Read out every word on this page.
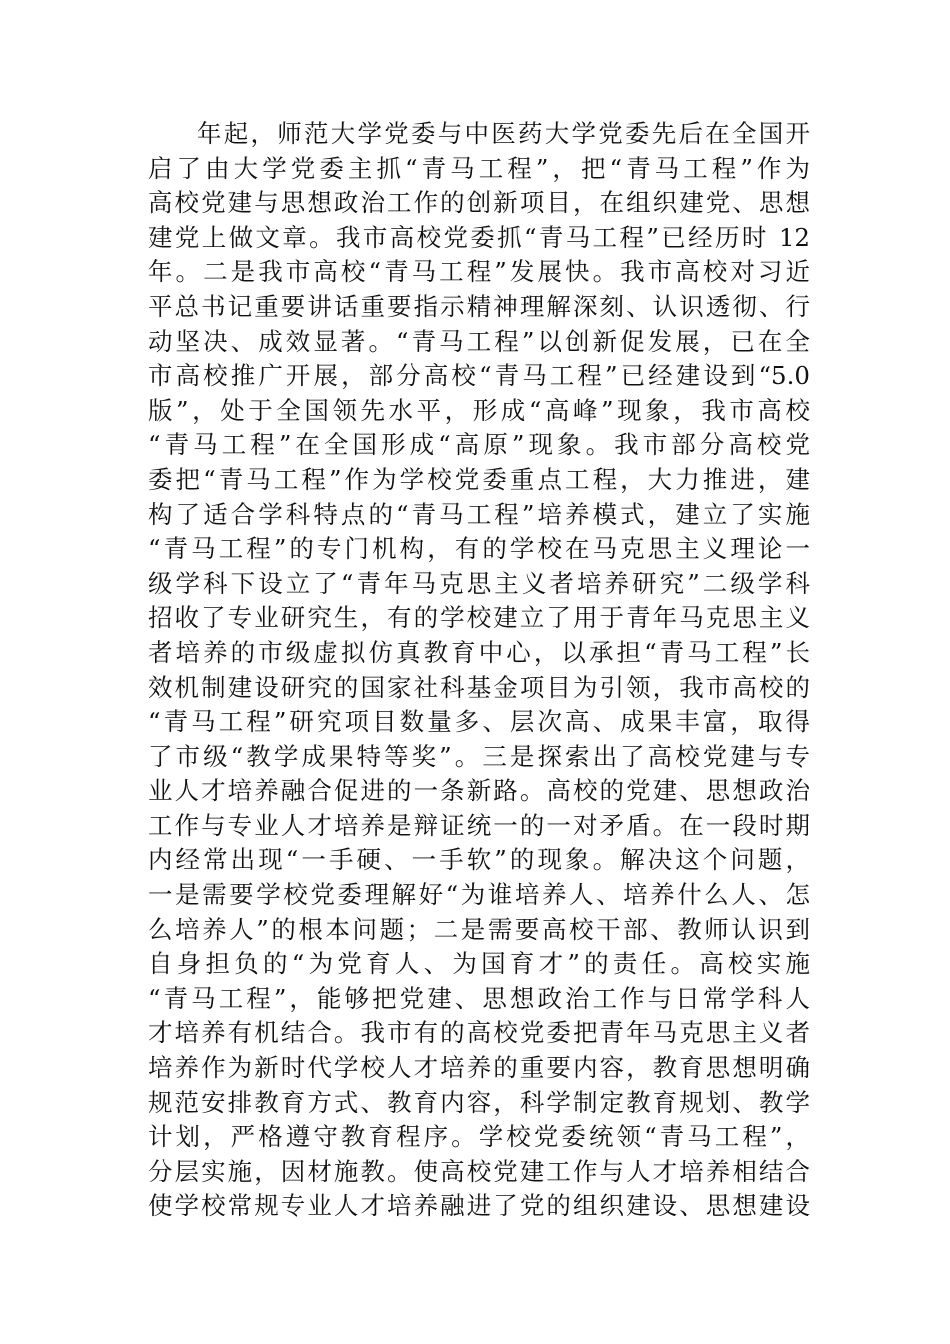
年起，师范大学党委与中医药大学党委先后在全国开
启了由大学党委主抓“青马工程”，把“青马工程”作为
高校党建与思想政治工作的创新项目，在组织建党、思想
建党上做文章。我市高校党委抓“青马工程”已经历时 12
年。二是我市高校“青马工程”发展快。我市高校对习近
平总书记重要讲话重要指示精神理解深刻、认识透彻、行
动坚决、成效显著。“青马工程”以创新促发展，已在全
市高校推广开展，部分高校“青马工程”已经建设到“5.0
版”，处于全国领先水平，形成“高峰”现象，我市高校
“青马工程”在全国形成“高原”现象。我市部分高校党
委把“青马工程”作为学校党委重点工程，大力推进，建
构了适合学科特点的“青马工程”培养模式，建立了实施
“青马工程”的专门机构，有的学校在马克思主义理论一
级学科下设立了“青年马克思主义者培养研究”二级学科
招收了专业研究生，有的学校建立了用于青年马克思主义
者培养的市级虚拟仿真教育中心，以承担“青马工程”长
效机制建设研究的国家社科基金项目为引领，我市高校的
“青马工程”研究项目数量多、层次高、成果丰富，取得
了市级“教学成果特等奖”。三是探索出了高校党建与专
业人才培养融合促进的一条新路。高校的党建、思想政治
工作与专业人才培养是辩证统一的一对矛盾。在一段时期
内经常出现“一手硬、一手软”的现象。解决这个问题，
一是需要学校党委理解好“为谁培养人、培养什么人、怎
么培养人”的根本问题；二是需要高校干部、教师认识到
自身担负的“为党育人、为国育才”的责任。高校实施
“青马工程”，能够把党建、思想政治工作与日常学科人
才培养有机结合。我市有的高校党委把青年马克思主义者
培养作为新时代学校人才培养的重要内容，教育思想明确
规范安排教育方式、教育内容，科学制定教育规划、教学
计划，严格遵守教育程序。学校党委统领“青马工程”，
分层实施，因材施教。使高校党建工作与人才培养相结合
使学校常规专业人才培养融进了党的组织建设、思想建设
